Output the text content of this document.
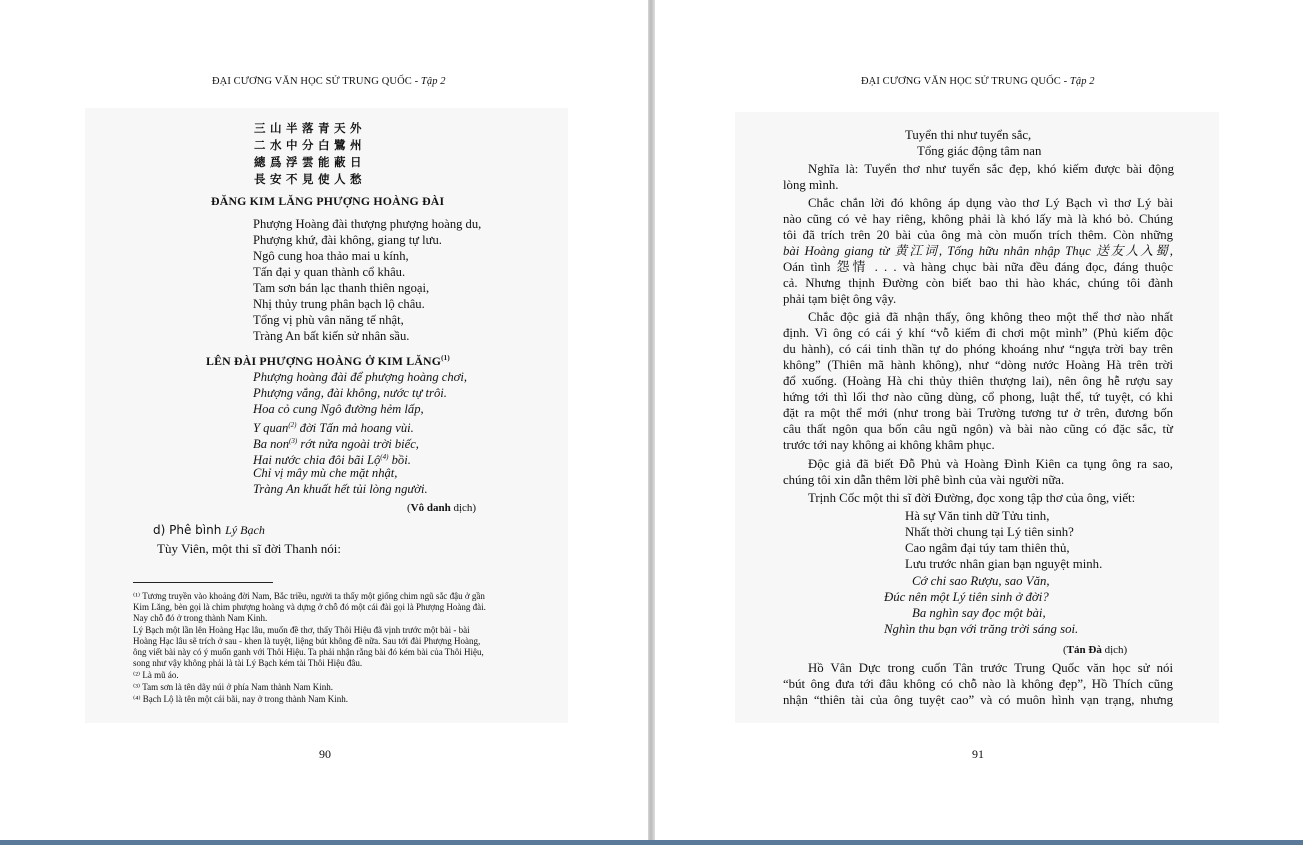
ĐẠI CƯƠNG VĂN HỌC SỬ TRUNG QUỐC - Tập 2
三山半落青天外
二水中分白鷺州
總爲浮雲能蔽日
長安不見使人愁
ĐĂNG KIM LĂNG PHƯỢNG HOÀNG ĐÀI
Phượng Hoàng đài thượng phượng hoàng du,
Phượng khứ, đài không, giang tự lưu.
Ngô cung hoa thảo mai u kính,
Tấn đại y quan thành cổ khâu.
Tam sơn bán lạc thanh thiên ngoại,
Nhị thủy trung phân bạch lộ châu.
Tổng vị phù vân năng tế nhật,
Tràng An bất kiến sử nhân sầu.
LÊN ĐÀI PHƯỢNG HOÀNG Ở KIM LĂNG$^{(1)}$
Phượng hoàng đài để phượng hoàng chơi,
Phượng vắng, đài không, nước tự trôi.
Hoa cỏ cung Ngô đường hẻm lấp,
Y quan$^{(2)}$ đời Tấn mả hoang vùi.
Ba non$^{(3)}$ rớt nửa ngoài trời biếc,
Hai nước chia đôi bãi Lộ$^{(4)}$ bồi.
Chỉ vị mây mù che mặt nhật,
Tràng An khuất hết tủi lòng người.
(Vô danh dịch)
d) Phê bình Lý Bạch
Tùy Viên, một thi sĩ đời Thanh nói:
⁽¹⁾ Tương truyền vào khoảng đời Nam, Bắc triều, người ta thấy một giống chim ngũ sắc đậu ở gần
Kim Lăng, bèn gọi là chim phượng hoàng và dựng ở chỗ đó một cái đài gọi là Phượng Hoàng đài.
Nay chỗ đó ở trong thành Nam Kinh.
Lý Bạch một lần lên Hoàng Hạc lâu, muốn đề thơ, thấy Thôi Hiệu đã vịnh trước một bài - bài
Hoàng Hạc lâu sẽ trích ở sau - khen là tuyệt, liệng bút không đề nữa. Sau tới đài Phượng Hoàng,
ông viết bài này có ý muốn ganh với Thôi Hiệu. Ta phải nhận rằng bài đó kém bài của Thôi Hiệu,
song như vậy không phải là tài Lý Bạch kém tài Thôi Hiệu đâu.
⁽²⁾ Là mũ áo.
⁽³⁾ Tam sơn là tên dãy núi ở phía Nam thành Nam Kinh.
⁽⁴⁾ Bạch Lộ là tên một cái bãi, nay ở trong thành Nam Kinh.
90
ĐẠI CƯƠNG VĂN HỌC SỬ TRUNG QUỐC - Tập 2
Tuyển thi như tuyển sắc,
Tổng giác động tâm nan
Nghĩa là: Tuyển thơ như tuyển sắc đẹp, khó kiếm được bài động
lòng mình.
Chắc chắn lời đó không áp dụng vào thơ Lý Bạch vì thơ Lý bài
nào cũng có vẻ hay riêng, không phải là khó lấy mà là khó bỏ. Chúng
tôi đã trích trên 20 bài của ông mà còn muốn trích thêm. Còn những
bài Hoàng giang từ 黄江词, Tống hữu nhân nhập Thục 送友人入蜀,
Oán tình 怨情 . . . và hàng chục bài nữa đều đáng đọc, đáng thuộc
cả. Nhưng thịnh Đường còn biết bao thi hào khác, chúng tôi đành
phải tạm biệt ông vậy.
Chắc độc giả đã nhận thấy, ông không theo một thể thơ nào nhất
định. Vì ông có cái ý khí “vỗ kiếm đi chơi một mình” (Phủ kiếm độc
du hành), có cái tinh thần tự do phóng khoáng như “ngựa trời bay trên
không” (Thiên mã hành không), như “dòng nước Hoàng Hà trên trời
đổ xuống. (Hoàng Hà chi thủy thiên thượng lai), nên ông hễ rượu say
hứng tới thì lối thơ nào cũng dùng, cổ phong, luật thể, tứ tuyệt, có khi
đặt ra một thể mới (như trong bài Trường tương tư ở trên, đương bốn
câu thất ngôn qua bốn câu ngũ ngôn) và bài nào cũng có đặc sắc, từ
trước tới nay không ai không khâm phục.
Độc giả đã biết Đỗ Phủ và Hoàng Đình Kiên ca tụng ông ra sao,
chúng tôi xin dẫn thêm lời phê bình của vài người nữa.
Trịnh Cốc một thi sĩ đời Đường, đọc xong tập thơ của ông, viết:
Hà sự Văn tinh dữ Tửu tinh,
Nhất thời chung tại Lý tiên sinh?
Cao ngâm đại túy tam thiên thủ,
Lưu trước nhân gian bạn nguyệt minh.
Cớ chi sao Rượu, sao Văn,
Đúc nên một Lý tiên sinh ở đời?
Ba nghìn say đọc một bài,
Nghìn thu bạn với trăng trời sáng soi.
(Tản Đà dịch)
Hồ Vân Dực trong cuốn Tân trước Trung Quốc văn học sử nói
“bút ông đưa tới đâu không có chỗ nào là không đẹp”, Hồ Thích cũng
nhận “thiên tài của ông tuyệt cao” và có muôn hình vạn trạng, nhưng
91
